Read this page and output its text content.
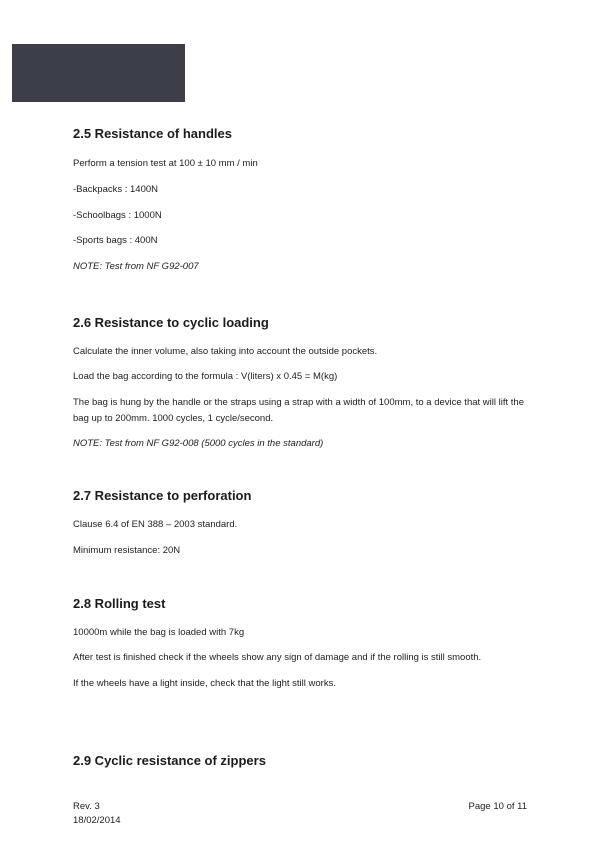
2.5 Resistance of handles
Perform a tension test at 100 ± 10 mm / min
-Backpacks : 1400N
-Schoolbags : 1000N
-Sports bags : 400N
NOTE: Test from NF G92-007
2.6 Resistance to cyclic loading
Calculate the inner volume, also taking into account the outside pockets.
Load the bag according to the formula : V(liters) x 0.45 = M(kg)
The bag is hung by the handle or the straps using a strap with a width of 100mm, to a device that will lift the bag up to 200mm. 1000 cycles, 1 cycle/second.
NOTE: Test from NF G92-008 (5000 cycles in the standard)
2.7 Resistance to perforation
Clause 6.4 of EN 388 – 2003 standard.
Minimum resistance: 20N
2.8 Rolling test
10000m while the bag is loaded with 7kg
After test is finished check if the wheels show any sign of damage and if the rolling is still smooth.
If the wheels have a light inside, check that the light still works.
2.9 Cyclic resistance of zippers
Rev. 3
18/02/2014
Page 10 of 11
